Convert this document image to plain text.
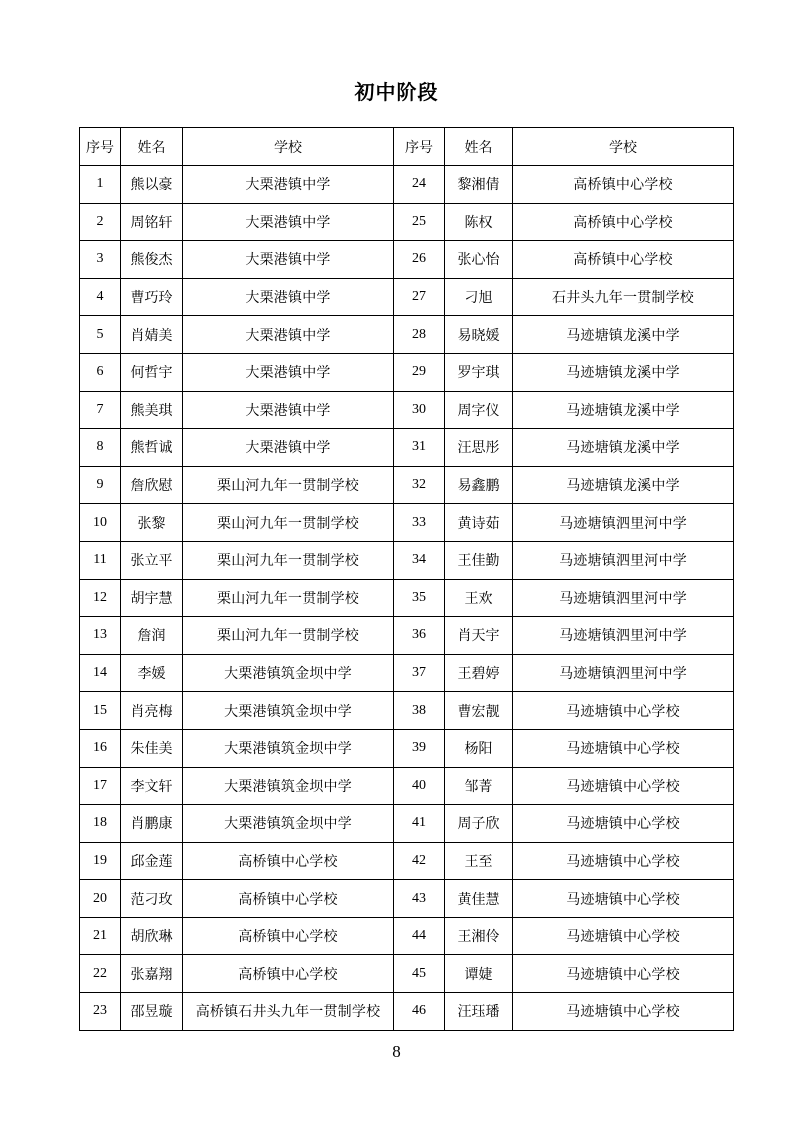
初中阶段
序号	姓名	学校	序号	姓名	学校
1	熊以豪	大栗港镇中学	24	黎湘倩	高桥镇中心学校
2	周铭轩	大栗港镇中学	25	陈权	高桥镇中心学校
3	熊俊杰	大栗港镇中学	26	张心怡	高桥镇中心学校
4	曹巧玲	大栗港镇中学	27	刁旭	石井头九年一贯制学校
5	肖婧美	大栗港镇中学	28	易晓媛	马迹塘镇龙溪中学
6	何哲宇	大栗港镇中学	29	罗宇琪	马迹塘镇龙溪中学
7	熊美琪	大栗港镇中学	30	周字仪	马迹塘镇龙溪中学
8	熊哲诚	大栗港镇中学	31	汪思彤	马迹塘镇龙溪中学
9	詹欣慰	栗山河九年一贯制学校	32	易鑫鹏	马迹塘镇龙溪中学
10	张黎	栗山河九年一贯制学校	33	黄诗茹	马迹塘镇泗里河中学
11	张立平	栗山河九年一贯制学校	34	王佳勤	马迹塘镇泗里河中学
12	胡宇慧	栗山河九年一贯制学校	35	王欢	马迹塘镇泗里河中学
13	詹润	栗山河九年一贯制学校	36	肖天宇	马迹塘镇泗里河中学
14	李媛	大栗港镇筑金坝中学	37	王碧婷	马迹塘镇泗里河中学
15	肖亮梅	大栗港镇筑金坝中学	38	曹宏靓	马迹塘镇中心学校
16	朱佳美	大栗港镇筑金坝中学	39	杨阳	马迹塘镇中心学校
17	李文轩	大栗港镇筑金坝中学	40	邹菁	马迹塘镇中心学校
18	肖鹏康	大栗港镇筑金坝中学	41	周子欣	马迹塘镇中心学校
19	邱金莲	高桥镇中心学校	42	王至	马迹塘镇中心学校
20	范刁玫	高桥镇中心学校	43	黄佳慧	马迹塘镇中心学校
21	胡欣琳	高桥镇中心学校	44	王湘伶	马迹塘镇中心学校
22	张嘉翔	高桥镇中心学校	45	谭婕	马迹塘镇中心学校
23	邵昱璇	高桥镇石井头九年一贯制学校	46	汪珏璠	马迹塘镇中心学校
8
